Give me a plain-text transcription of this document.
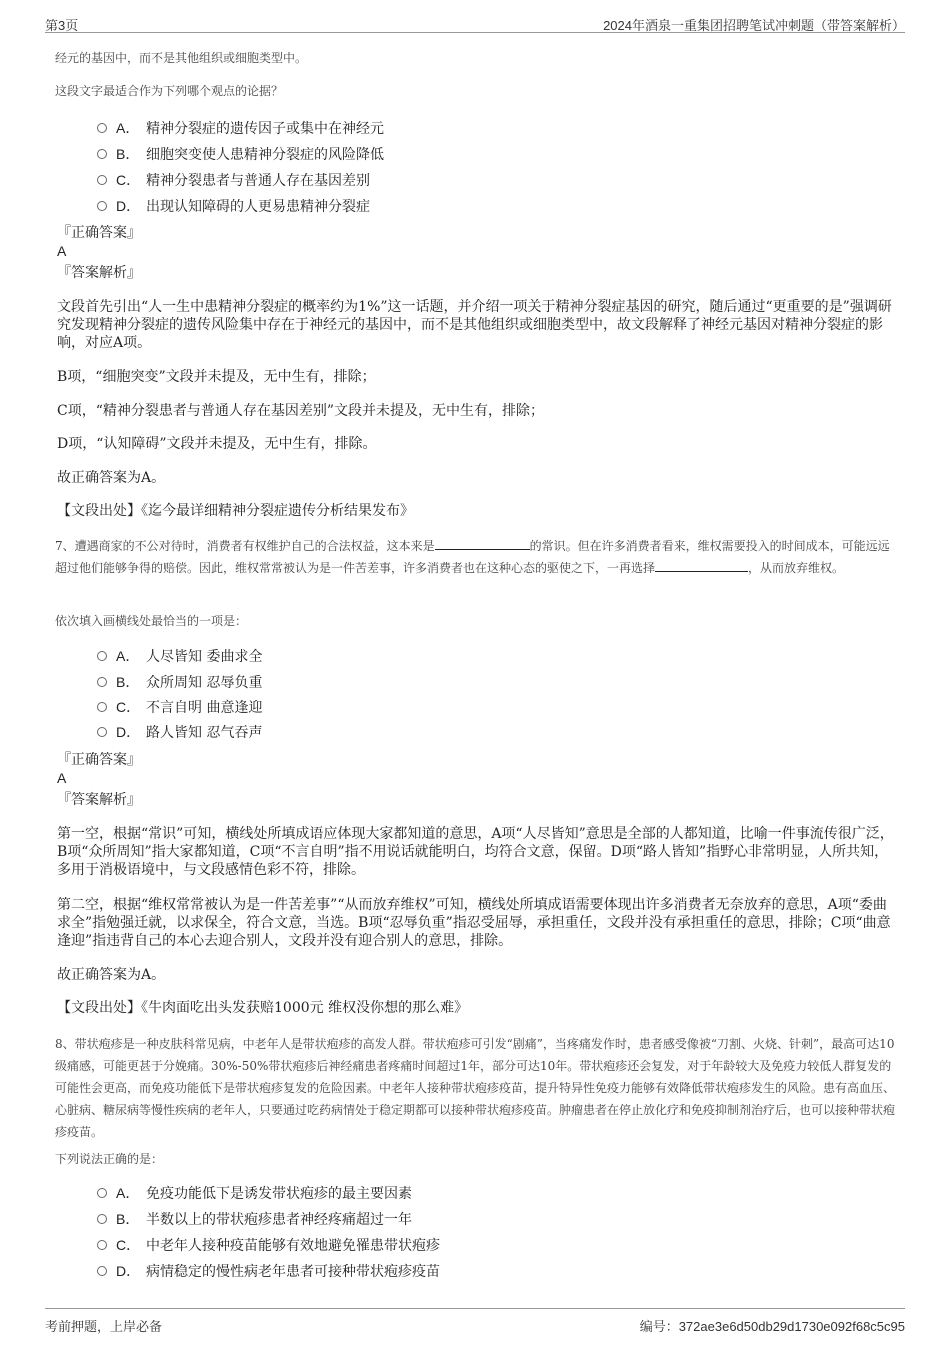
第3页	2024年酒泉一重集团招聘笔试冲刺题（带答案解析）
经元的基因中，而不是其他组织或细胞类型中。
这段文字最适合作为下列哪个观点的论据？
A． 精神分裂症的遗传因子或集中在神经元
B． 细胞突变使人患精神分裂症的风险降低
C． 精神分裂患者与普通人存在基因差别
D． 出现认知障碍的人更易患精神分裂症
『正确答案』
A
『答案解析』
文段首先引出“人一生中患精神分裂症的概率约为1%”这一话题，并介绍一项关于精神分裂症基因的研究，随后通过“更重要的是”强调研究发现精神分裂症的遗传风险集中存在于神经元的基因中，而不是其他组织或细胞类型中，故文段解释了神经元基因对精神分裂症的影响，对应A项。
B项，“细胞突变”文段并未提及，无中生有，排除；
C项，“精神分裂患者与普通人存在基因差别”文段并未提及，无中生有，排除；
D项，“认知障碍”文段并未提及，无中生有，排除。
故正确答案为A。
【文段出处】《迄今最详细精神分裂症遗传分析结果发布》
7、遭遇商家的不公对待时，消费者有权维护自己的合法权益，这本来是	的常识。但在许多消费者看来，维权需要投入的时间成本，可能远远超过他们能够争得的赔偿。因此，维权常常被认为是一件苦差事，许多消费者也在这种心态的驱使之下，一再选择	，从而放弃维权。
依次填入画横线处最恰当的一项是：
A． 人尽皆知 委曲求全
B． 众所周知 忍辱负重
C． 不言自明 曲意逢迎
D． 路人皆知 忍气吞声
『正确答案』
A
『答案解析』
第一空，根据“常识”可知，横线处所填成语应体现大家都知道的意思，A项“人尽皆知”意思是全部的人都知道，比喻一件事流传很广泛，B项“众所周知”指大家都知道，C项“不言自明”指不用说话就能明白，均符合文意，保留。D项“路人皆知”指野心非常明显，人所共知，多用于消极语境中，与文段感情色彩不符，排除。
第二空，根据“维权常常被认为是一件苦差事”“从而放弃维权”可知，横线处所填成语需要体现出许多消费者无奈放弃的意思，A项“委曲求全”指勉强迁就，以求保全，符合文意，当选。B项“忍辱负重”指忍受屈辱，承担重任，文段并没有承担重任的意思，排除；C项“曲意逢迎”指违背自己的本心去迎合别人，文段并没有迎合别人的意思，排除。
故正确答案为A。
【文段出处】《牛肉面吃出头发获赔1000元 维权没你想的那么难》
8、带状疱疹是一种皮肤科常见病，中老年人是带状疱疹的高发人群。带状疱疹可引发“剧痛”，当疼痛发作时，患者感受像被“刀割、火烧、针刺”，最高可达10级痛感，可能更甚于分娩痛。30%-50%带状疱疹后神经痛患者疼痛时间超过1年，部分可达10年。带状疱疹还会复发，对于年龄较大及免疫力较低人群复发的可能性会更高，而免疫功能低下是带状疱疹复发的危险因素。中老年人接种带状疱疹疫苗，提升特异性免疫力能够有效降低带状疱疹发生的风险。患有高血压、心脏病、糖尿病等慢性疾病的老年人，只要通过吃药病情处于稳定期都可以接种带状疱疹疫苗。肿瘤患者在停止放化疗和免疫抑制剂治疗后，也可以接种带状疱疹疫苗。
下列说法正确的是：
A． 免疫功能低下是诱发带状疱疹的最主要因素
B． 半数以上的带状疱疹患者神经疼痛超过一年
C． 中老年人接种疫苗能够有效地避免罹患带状疱疹
D． 病情稳定的慢性病老年患者可接种带状疱疹疫苗
考前押题，上岸必备	编号：372ae3e6d50db29d1730e092f68c5c95
